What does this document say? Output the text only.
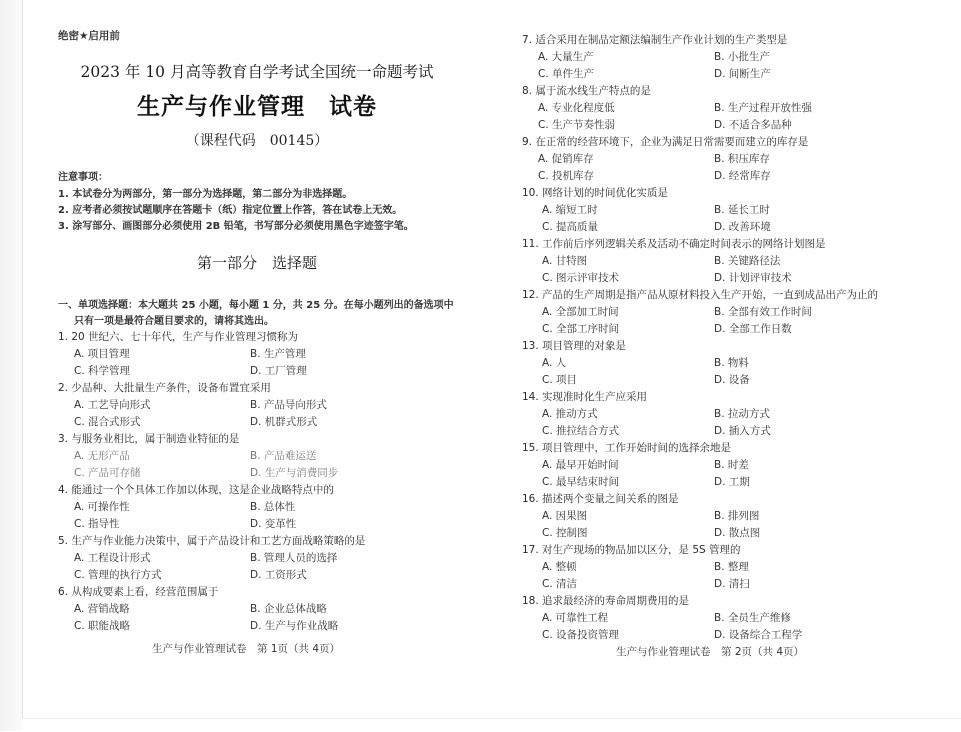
绝密★启用前
2023 年 10 月高等教育自学考试全国统一命题考试
生产与作业管理　试卷
（课程代码　00145）
注意事项：
1. 本试卷分为两部分，第一部分为选择题，第二部分为非选择题。
2. 应考者必须按试题顺序在答题卡（纸）指定位置上作答，答在试卷上无效。
3. 涂写部分、画图部分必须使用 2B 铅笔，书写部分必须使用黑色字迹签字笔。
第一部分　选择题
一、单项选择题：本大题共 25 小题，每小题 1 分，共 25 分。在每小题列出的备选项中
只有一项是最符合题目要求的，请将其选出。
1. 20 世纪六、七十年代，生产与作业管理习惯称为
A. 项目管理	B. 生产管理
C. 科学管理	D. 工厂管理
2. 少品种、大批量生产条件，设备布置宜采用
A. 工艺导向形式	B. 产品导向形式
C. 混合式形式	D. 机群式形式
3. 与服务业相比，属于制造业特征的是
A. 无形产品	B. 产品难运送
C. 产品可存储	D. 生产与消费同步
4. 能通过一个个具体工作加以体现，这是企业战略特点中的
A. 可操作性	B. 总体性
C. 指导性	D. 变革性
5. 生产与作业能力决策中，属于产品设计和工艺方面战略策略的是
A. 工程设计形式	B. 管理人员的选择
C. 管理的执行方式	D. 工资形式
6. 从构成要素上看，经营范围属于
A. 营销战略	B. 企业总体战略
C. 职能战略	D. 生产与作业战略
生产与作业管理试卷　第 1页（共 4页）
7. 适合采用在制品定额法编制生产作业计划的生产类型是
A. 大量生产	B. 小批生产
C. 单件生产	D. 间断生产
8. 属于流水线生产特点的是
A. 专业化程度低	B. 生产过程开放性强
C. 生产节奏性弱	D. 不适合多品种
9. 在正常的经营环境下，企业为满足日常需要而建立的库存是
A. 促销库存	B. 积压库存
C. 投机库存	D. 经常库存
10. 网络计划的时间优化实质是
A. 缩短工时	B. 延长工时
C. 提高质量	D. 改善环境
11. 工作前后序列逻辑关系及活动不确定时间表示的网络计划图是
A. 甘特图	B. 关键路径法
C. 图示评审技术	D. 计划评审技术
12. 产品的生产周期是指产品从原材料投入生产开始，一直到成品出产为止的
A. 全部加工时间	B. 全部有效工作时间
C. 全部工序时间	D. 全部工作日数
13. 项目管理的对象是
A. 人	B. 物料
C. 项目	D. 设备
14. 实现准时化生产应采用
A. 推动方式	B. 拉动方式
C. 推拉结合方式	D. 插入方式
15. 项目管理中，工作开始时间的选择余地是
A. 最早开始时间	B. 时差
C. 最早结束时间	D. 工期
16. 描述两个变量之间关系的图是
A. 因果图	B. 排列图
C. 控制图	D. 散点图
17. 对生产现场的物品加以区分，是 5S 管理的
A. 整顿	B. 整理
C. 清洁	D. 清扫
18. 追求最经济的寿命周期费用的是
A. 可靠性工程	B. 全员生产维修
C. 设备投资管理	D. 设备综合工程学
生产与作业管理试卷　第 2页（共 4页）
